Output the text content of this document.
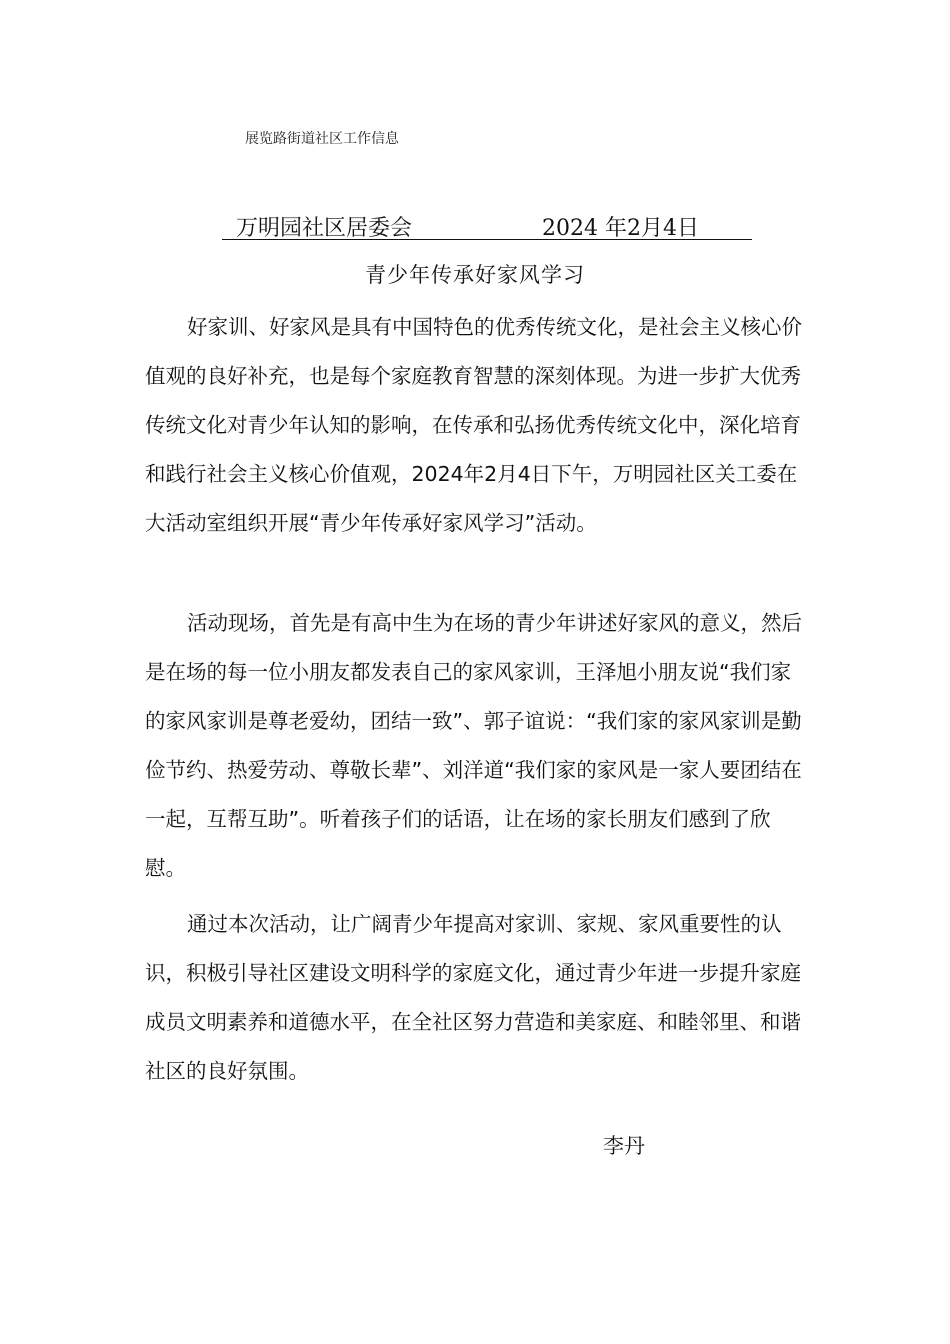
展览路街道社区工作信息
万明园社区居委会	2024 年2月4日
青少年传承好家风学习

好家训、好家风是具有中国特色的优秀传统文化，是社会主义核心价值观的良好补充，也是每个家庭教育智慧的深刻体现。为进一步扩大优秀传统文化对青少年认知的影响，在传承和弘扬优秀传统文化中，深化培育和践行社会主义核心价值观，2024年2月4日下午，万明园社区关工委在大活动室组织开展“青少年传承好家风学习”活动。

活动现场，首先是有高中生为在场的青少年讲述好家风的意义，然后是在场的每一位小朋友都发表自己的家风家训，王泽旭小朋友说“我们家的家风家训是尊老爱幼，团结一致”、郭子谊说：“我们家的家风家训是勤俭节约、热爱劳动、尊敬长辈”、刘洋道“我们家的家风是一家人要团结在一起，互帮互助”。听着孩子们的话语，让在场的家长朋友们感到了欣慰。

通过本次活动，让广阔青少年提高对家训、家规、家风重要性的认识，积极引导社区建设文明科学的家庭文化，通过青少年进一步提升家庭成员文明素养和道德水平，在全社区努力营造和美家庭、和睦邻里、和谐社区的良好氛围。

李丹
